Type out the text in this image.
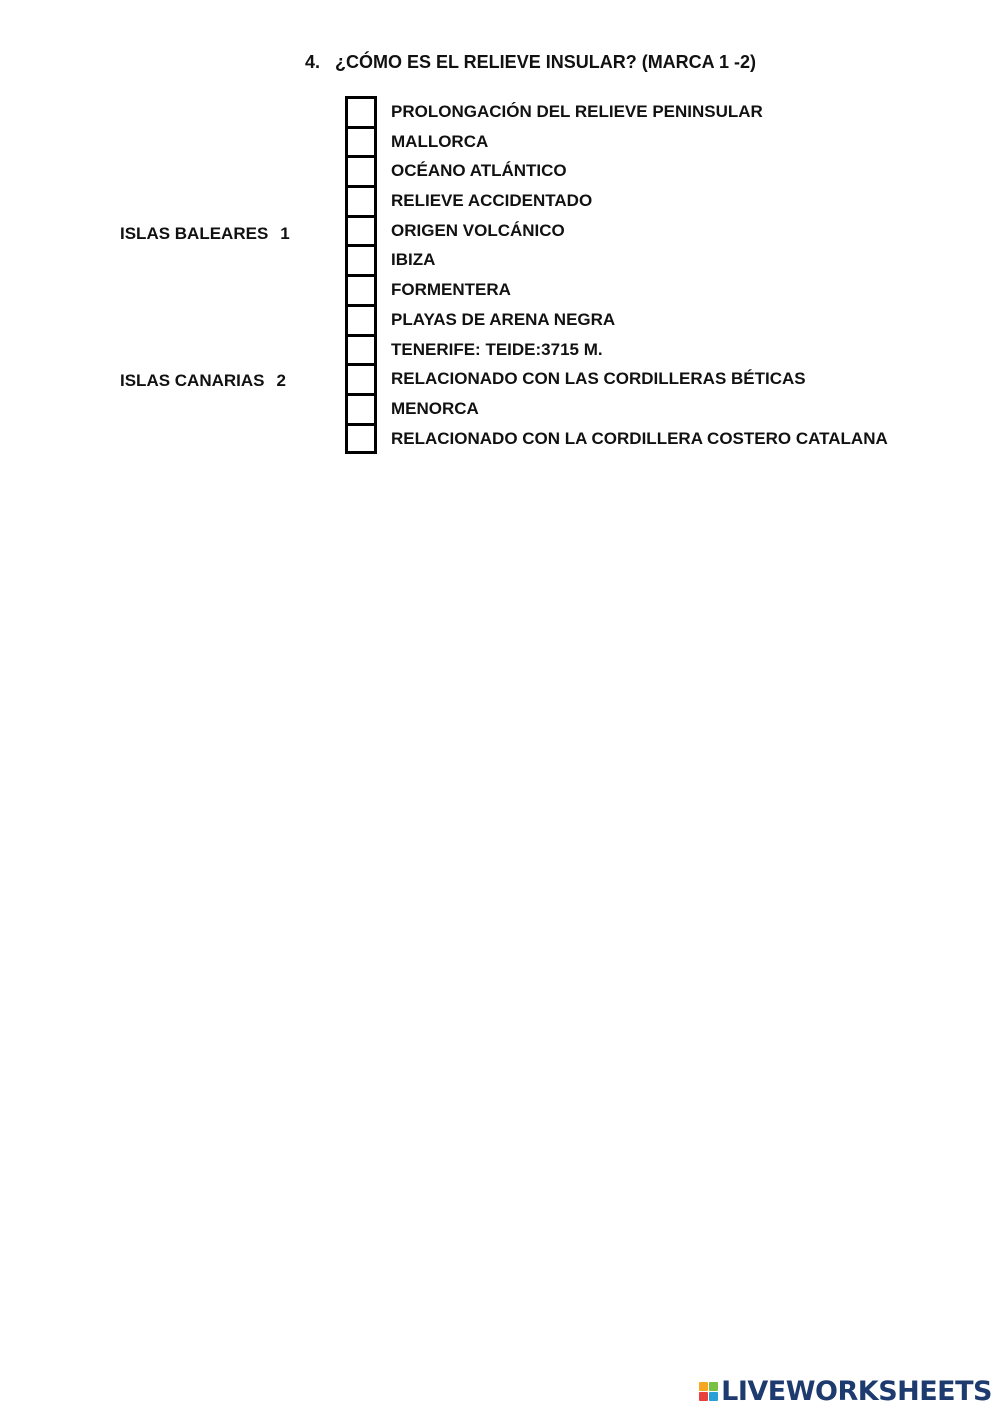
4. ¿CÓMO ES EL RELIEVE INSULAR? (MARCA 1 -2)
ISLAS BALEARES 1
ISLAS CANARIAS 2
PROLONGACIÓN DEL RELIEVE PENINSULAR
MALLORCA
OCÉANO ATLÁNTICO
RELIEVE ACCIDENTADO
ORIGEN VOLCÁNICO
IBIZA
FORMENTERA
PLAYAS DE ARENA NEGRA
TENERIFE: TEIDE:3715 M.
RELACIONADO CON LAS CORDILLERAS BÉTICAS
MENORCA
RELACIONADO CON LA CORDILLERA COSTERO CATALANA
LIVEWORKSHEETS
